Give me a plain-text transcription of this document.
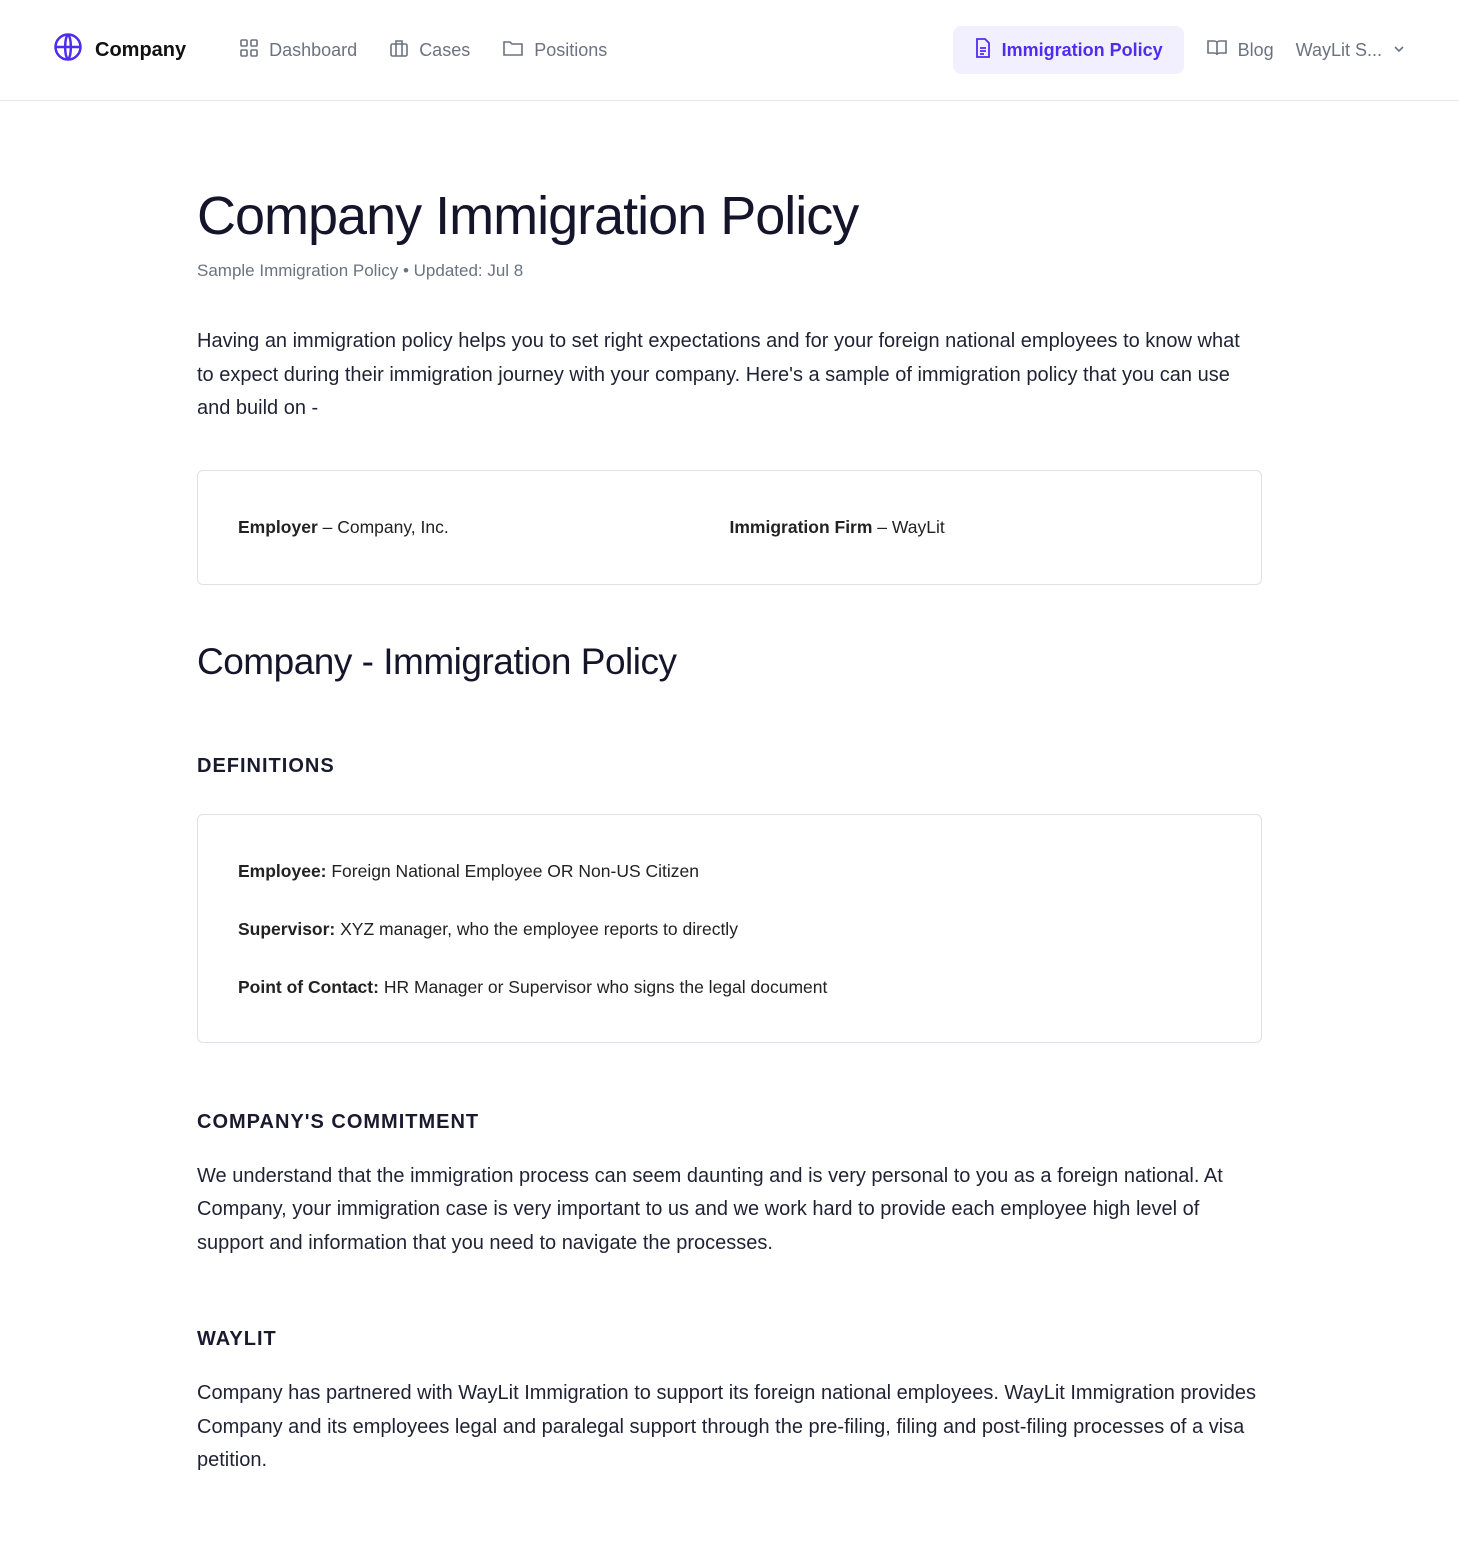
Company	Dashboard	Cases	Positions	Immigration Policy	Blog WayLit S...
Company Immigration Policy
Sample Immigration Policy • Updated: Jul 8

Having an immigration policy helps you to set right expectations and for your foreign national employees to know what to expect during their immigration journey with your company. Here's a sample of immigration policy that you can use and build on -

Employer – Company, Inc.	Immigration Firm – WayLit
Company - Immigration Policy
DEFINITIONS
Employee: Foreign National Employee OR Non-US Citizen
Supervisor: XYZ manager, who the employee reports to directly
Point of Contact: HR Manager or Supervisor who signs the legal document
COMPANY'S COMMITMENT

We understand that the immigration process can seem daunting and is very personal to you as a foreign national. At Company, your immigration case is very important to us and we work hard to provide each employee high level of support and information that you need to navigate the processes.

WAYLIT

Company has partnered with WayLit Immigration to support its foreign national employees. WayLit Immigration provides Company and its employees legal and paralegal support through the pre-filing, filing and post-filing processes of a visa petition.
